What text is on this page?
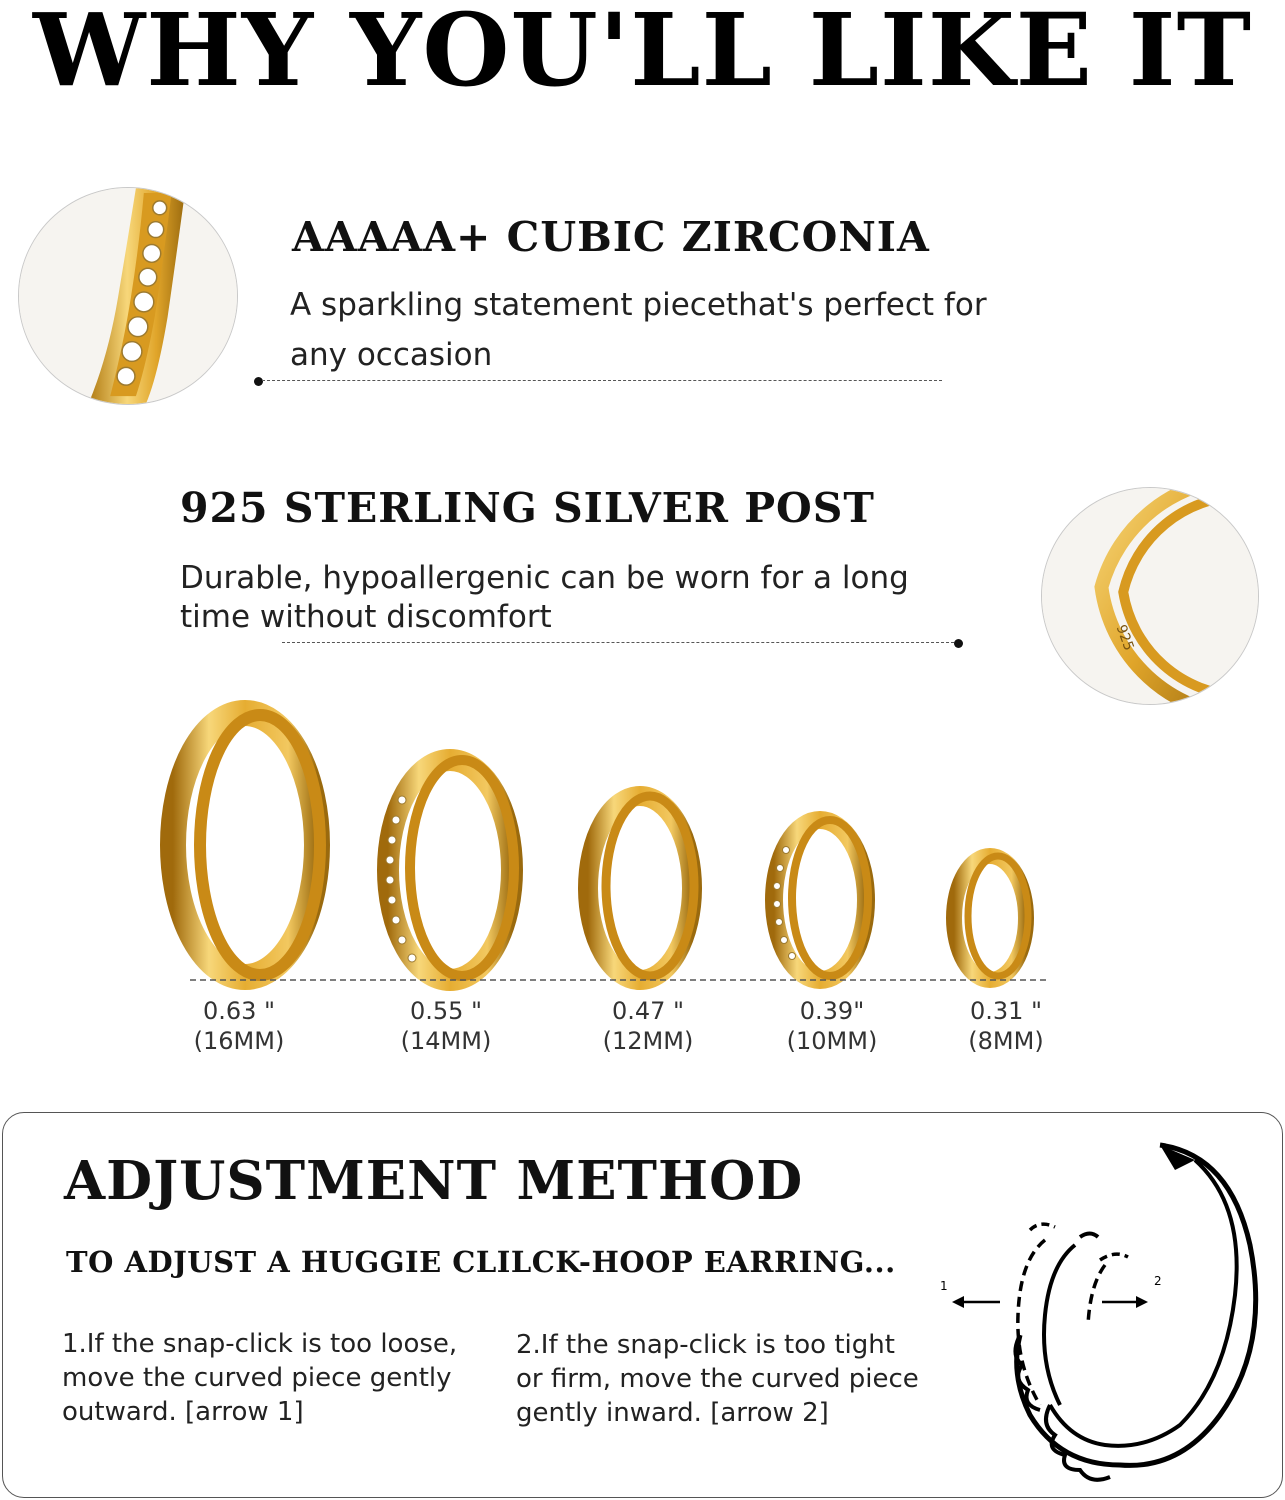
WHY YOU'LL LIKE IT
AAAAA+ CUBIC ZIRCONIA
A sparkling statement piecethat's perfect for
any occasion
925 STERLING SILVER POST
Durable, hypoallergenic can be worn for a long
time without discomfort
925
0.63 "
(16MM)
0.55 "
(14MM)
0.47 "
(12MM)
0.39"
(10MM)
0.31 "
(8MM)
ADJUSTMENT METHOD
TO ADJUST A HUGGIE CLILCK-HOOP EARRING...
1.If the snap-click is too loose,
move the curved piece gently
outward. [arrow 1]
2.If the snap-click is too tight
or firm, move the curved piece
gently inward. [arrow 2]
1	2
